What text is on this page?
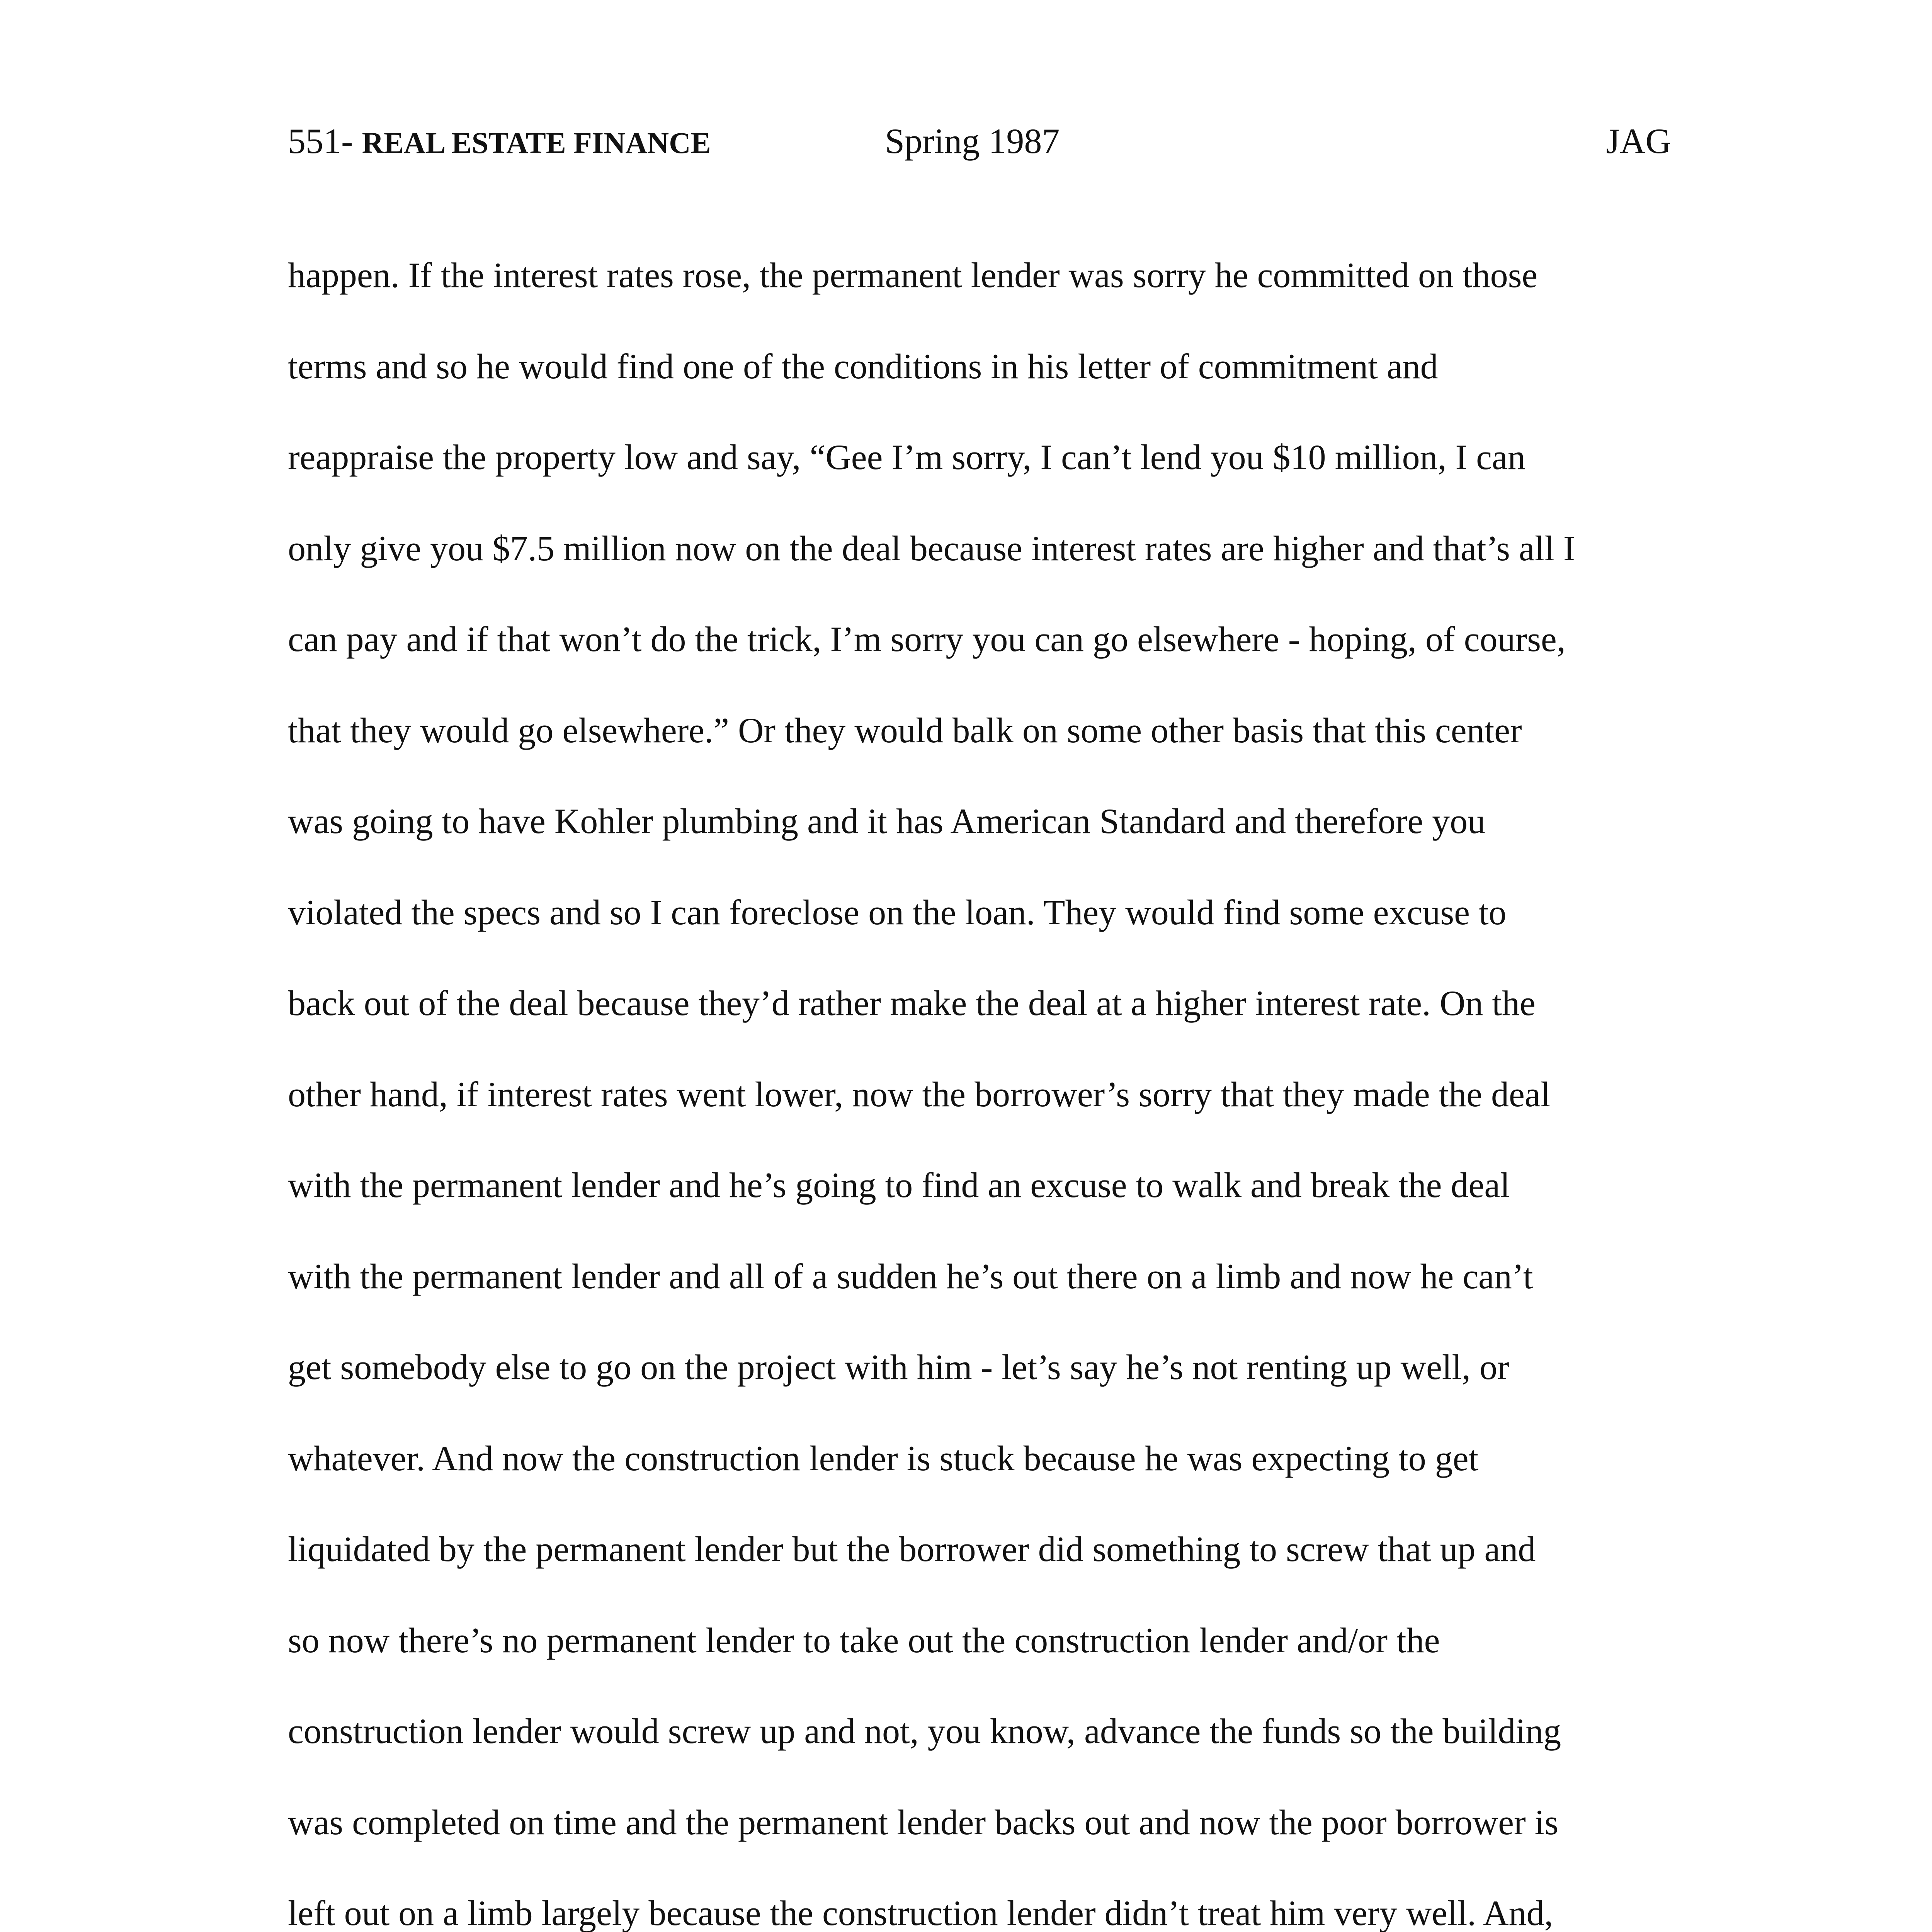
551- REAL ESTATE FINANCE	Spring 1987	JAG
happen. If the interest rates rose, the permanent lender was sorry he committed on those
terms and so he would find one of the conditions in his letter of commitment and
reappraise the property low and say, “Gee I’m sorry, I can’t lend you $10 million, I can
only give you $7.5 million now on the deal because interest rates are higher and that’s all I
can pay and if that won’t do the trick, I’m sorry you can go elsewhere - hoping, of course,
that they would go elsewhere.” Or they would balk on some other basis that this center
was going to have Kohler plumbing and it has American Standard and therefore you
violated the specs and so I can foreclose on the loan. They would find some excuse to
back out of the deal because they’d rather make the deal at a higher interest rate. On the
other hand, if interest rates went lower, now the borrower’s sorry that they made the deal
with the permanent lender and he’s going to find an excuse to walk and break the deal
with the permanent lender and all of a sudden he’s out there on a limb and now he can’t
get somebody else to go on the project with him - let’s say he’s not renting up well, or
whatever. And now the construction lender is stuck because he was expecting to get
liquidated by the permanent lender but the borrower did something to screw that up and
so now there’s no permanent lender to take out the construction lender and/or the
construction lender would screw up and not, you know, advance the funds so the building
was completed on time and the permanent lender backs out and now the poor borrower is
left out on a limb largely because the construction lender didn’t treat him very well. And,
